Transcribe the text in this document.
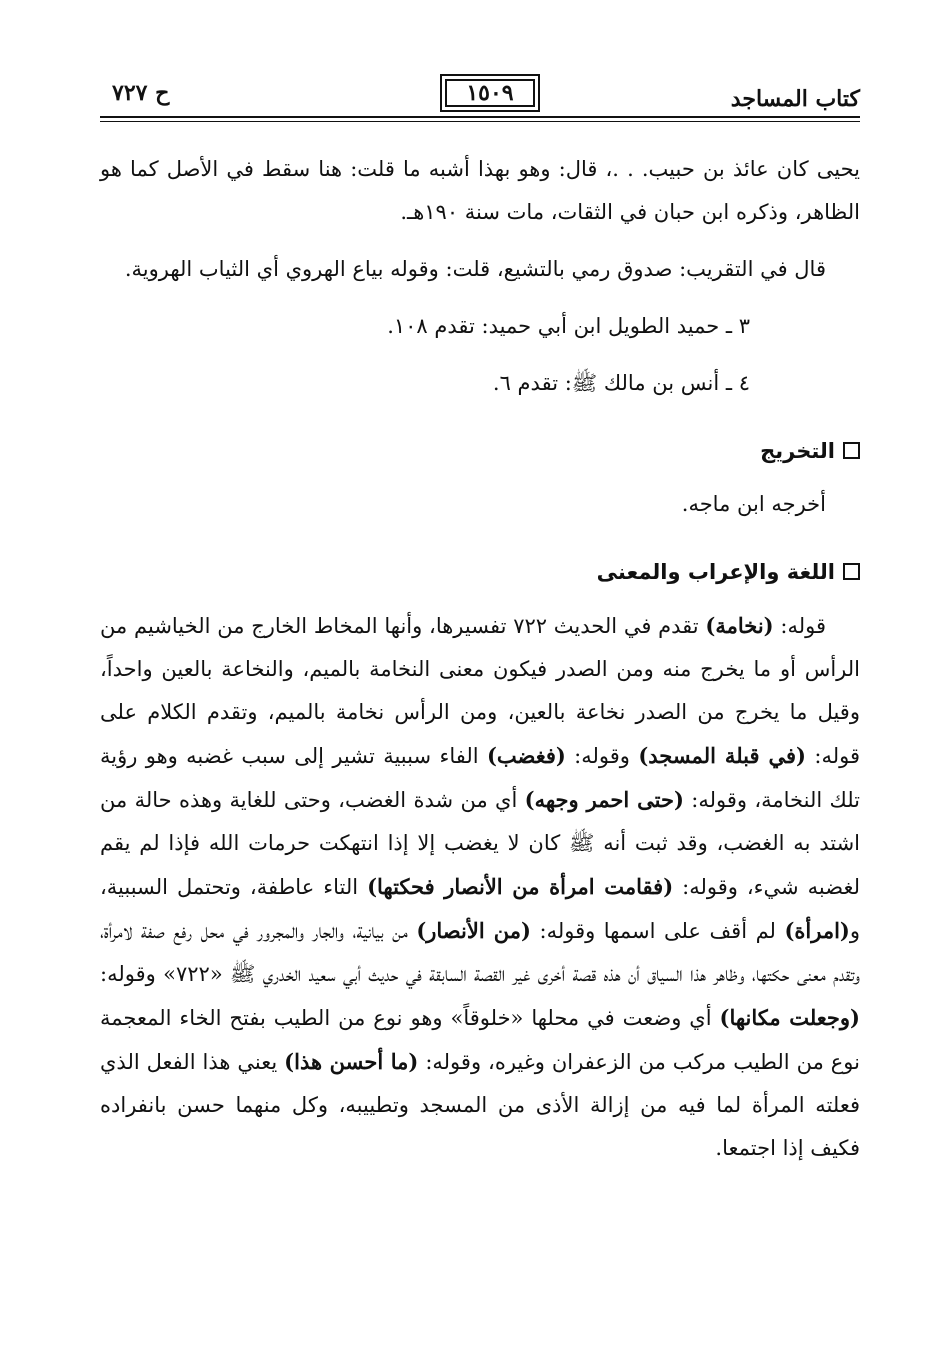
كتاب المساجد
١٥٠٩
ح ٧٢٧

يحيى كان عائذ بن حبيب. . .، قال: وهو بهذا أشبه ما قلت: هنا سقط في الأصل كما هو الظاهر، وذكره ابن حبان في الثقات، مات سنة ١٩٠هـ.

قال في التقريب: صدوق رمي بالتشيع، قلت: وقوله بياع الهروي أي الثياب الهروية.

٣ ـ حميد الطويل ابن أبي حميد: تقدم ١٠٨.

٤ ـ أنس بن مالك ﷺ: تقدم ٦.

التخريج

أخرجه ابن ماجه.

اللغة والإعراب والمعنى

قوله: (نخامة) تقدم في الحديث ٧٢٢ تفسيرها، وأنها المخاط الخارج من الخياشيم من الرأس أو ما يخرج منه ومن الصدر فيكون معنى النخامة بالميم، والنخاعة بالعين واحداً، وقيل ما يخرج من الصدر نخاعة بالعين، ومن الرأس نخامة بالميم، وتقدم الكلام على قوله: (في قبلة المسجد) وقوله: (فغضب) الفاء سببية تشير إلى سبب غضبه وهو رؤية تلك النخامة، وقوله: (حتى احمر وجهه) أي من شدة الغضب، وحتى للغاية وهذه حالة من اشتد به الغضب، وقد ثبت أنه ﷺ كان لا يغضب إلا إذا انتهكت حرمات الله فإذا لم يقم لغضبه شيء، وقوله: (فقامت امرأة من الأنصار فحكتها) التاء عاطفة، وتحتمل السببية، و(امرأة) لم أقف على اسمها وقوله: (من الأنصار) من بيانية، والجار والمجرور في محل رفع صفة لامرأة، وتقدم معنى حكتها، وظاهر هذا السياق أن هذه قصة أخرى غير القصة السابقة في حديث أبي سعيد الخدري ﷺ «٧٢٢» وقوله: (وجعلت مكانها) أي وضعت في محلها «خلوقاً» وهو نوع من الطيب بفتح الخاء المعجمة نوع من الطيب مركب من الزعفران وغيره، وقوله: (ما أحسن هذا) يعني هذا الفعل الذي فعلته المرأة لما فيه من إزالة الأذى من المسجد وتطييبه، وكل منهما حسن بانفراده فكيف إذا اجتمعا.
